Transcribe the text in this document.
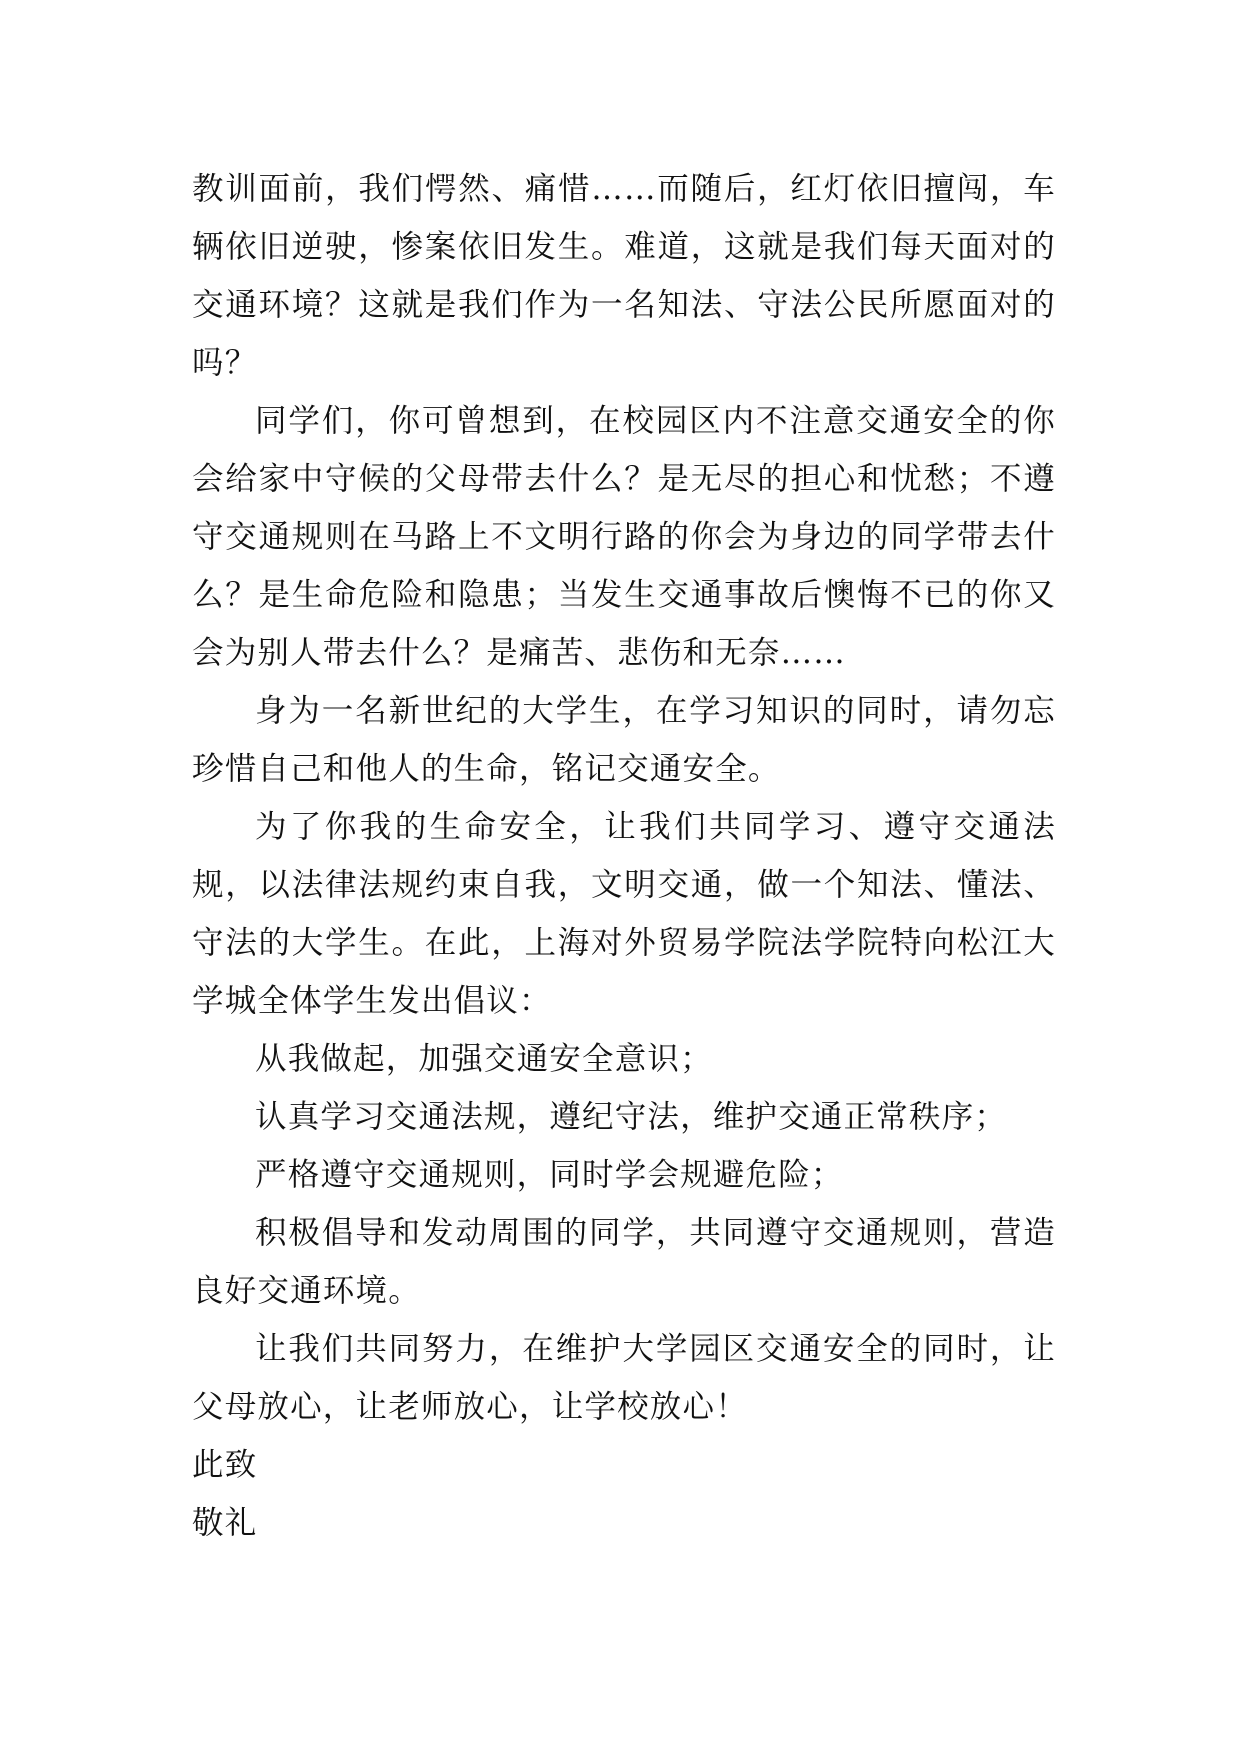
教训面前，我们愕然、痛惜……而随后，红灯依旧擅闯，车辆依旧逆驶，惨案依旧发生。难道，这就是我们每天面对的交通环境？这就是我们作为一名知法、守法公民所愿面对的吗？

同学们，你可曾想到，在校园区内不注意交通安全的你会给家中守候的父母带去什么？是无尽的担心和忧愁；不遵守交通规则在马路上不文明行路的你会为身边的同学带去什么？是生命危险和隐患；当发生交通事故后懊悔不已的你又会为别人带去什么？是痛苦、悲伤和无奈……

身为一名新世纪的大学生，在学习知识的同时，请勿忘珍惜自己和他人的生命，铭记交通安全。

为了你我的生命安全，让我们共同学习、遵守交通法规，以法律法规约束自我，文明交通，做一个知法、懂法、守法的大学生。在此，上海对外贸易学院法学院特向松江大学城全体学生发出倡议：

从我做起，加强交通安全意识；

认真学习交通法规，遵纪守法，维护交通正常秩序；

严格遵守交通规则，同时学会规避危险；

积极倡导和发动周围的同学，共同遵守交通规则，营造良好交通环境。

让我们共同努力，在维护大学园区交通安全的同时，让父母放心，让老师放心，让学校放心！

此致

敬礼
